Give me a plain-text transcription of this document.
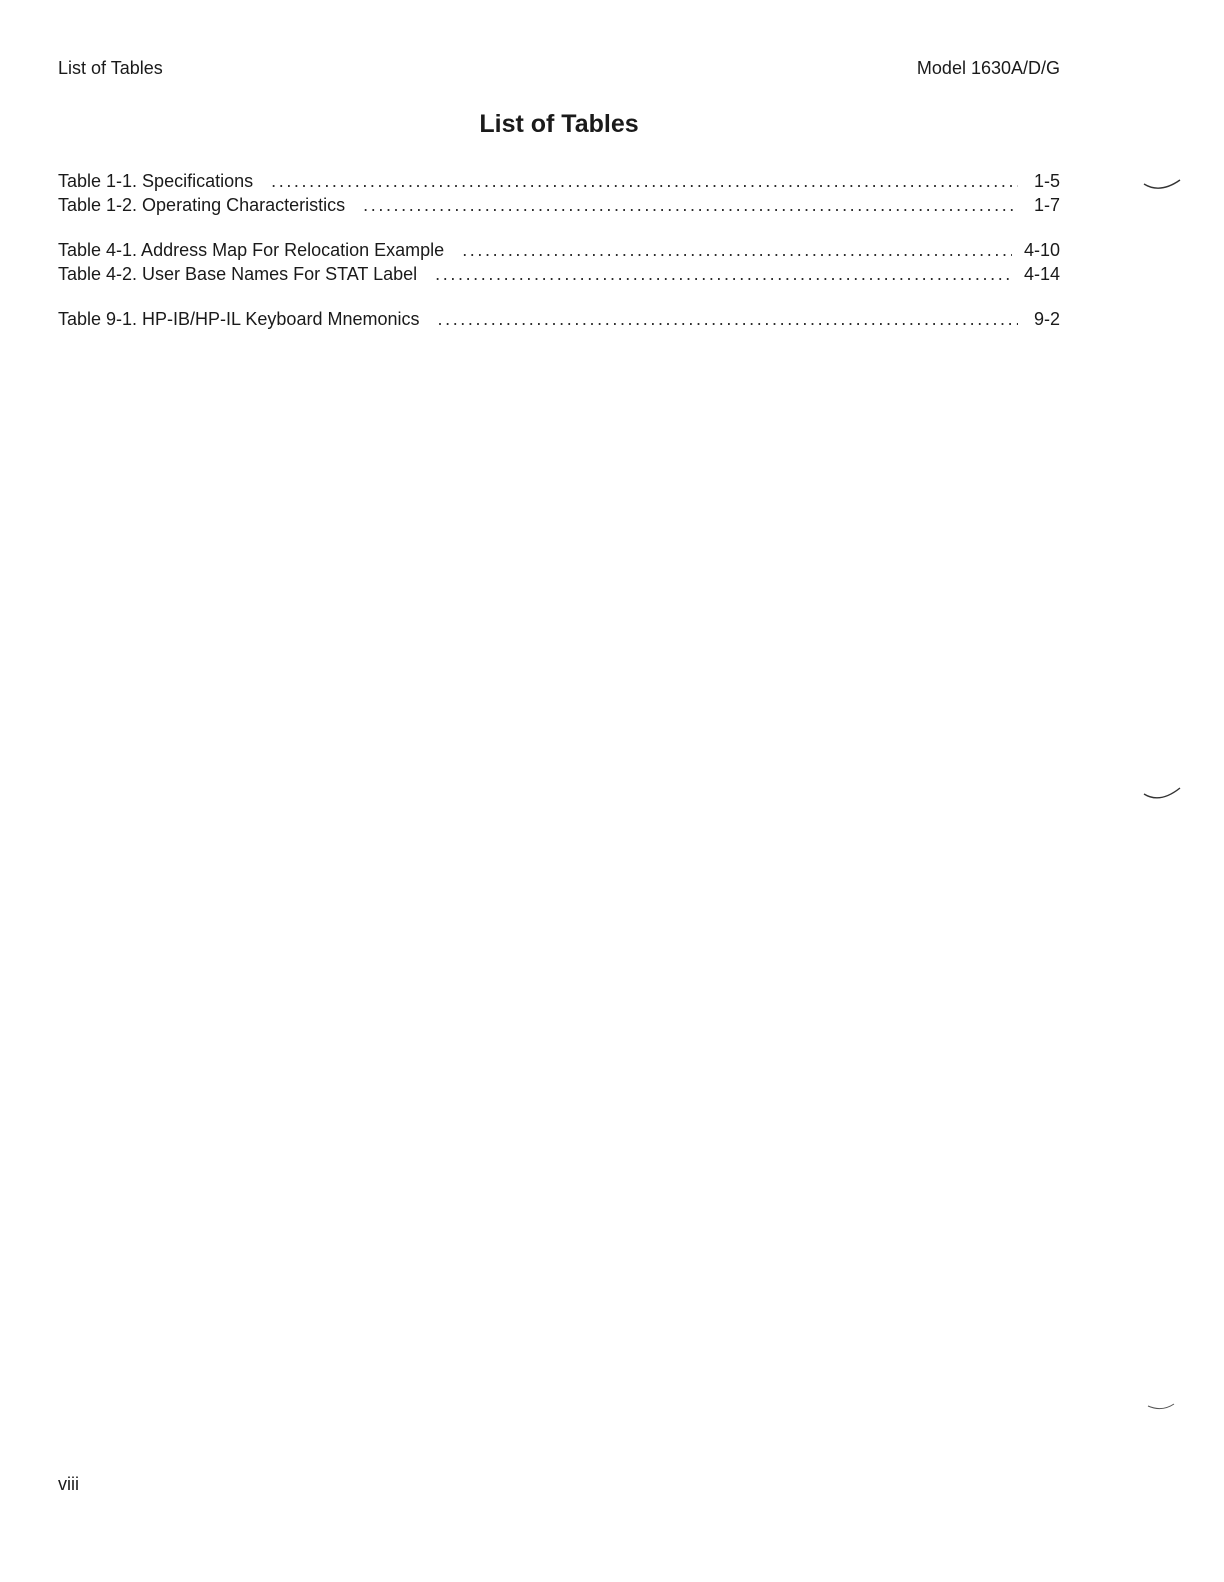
List of Tables	Model 1630A/D/G
List of Tables
Table 1-1. Specifications . . .	1-5
Table 1-2. Operating Characteristics . . .	1-7
Table 4-1. Address Map For Relocation Example . . .	4-10
Table 4-2. User Base Names For STAT Label . . .	4-14
Table 9-1. HP-IB/HP-IL Keyboard Mnemonics . . .	9-2
viii
